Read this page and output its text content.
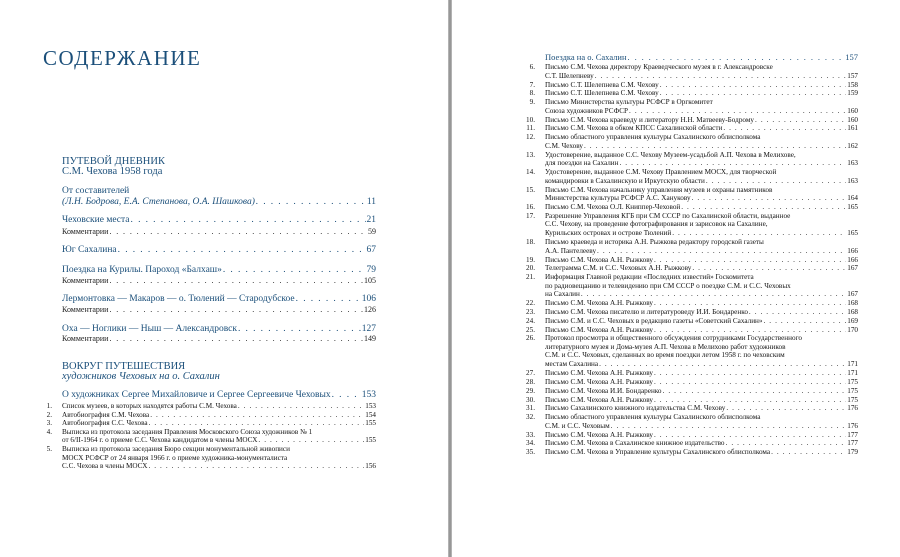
СОДЕРЖАНИЕ
ПУТЕВОЙ ДНЕВНИК
С.М. Чехова 1958 года
От составителей
(Л.Н. Бодрова, Е.А. Степанова, О.А. Шашкова) . . .	11
Чеховские места . . .	21
Комментарии . . .	59
Юг Сахалина . . .	67
Поездка на Курилы. Пароход «Балхаш» . . .	79
Комментарии . . .	105
Лермонтовка — Макаров — о. Тюлений — Стародубское . . .	106
Комментарии . . .	126
Оха — Ноглики — Ныш — Александровск . . .	127
Комментарии . . .	149
ВОКРУГ ПУТЕШЕСТВИЯ
художников Чеховых на о. Сахалин
О художниках Сергее Михайловиче и Сергее Сергеевиче Чеховых . . .	153
1. Список музеев, в которых находятся работы С.М. Чехова . . .	153
2. Автобиография С.М. Чехова . . .	154
3. Автобиография С.С. Чехова . . .	155
4. Выписка из протокола заседания Правления Московского Союза художников № 1
от 6/II-1964 г. о приеме С.С. Чехова кандидатом в члены МОСХ . . .	155
5. Выписка из протокола заседания Бюро секции монументальной живописи
МОСХ РСФСР от 24 января 1966 г. о приеме художника-монументалиста
С.С. Чехова в члены МОСХ . . .	156
Поездка на о. Сахалин . . .	157
6. Письмо С.М. Чехова директору Краеведческого музея в г. Александровске
С.Т. Шелепневу . . .	157
7. Письмо С.Т. Шелепнева С.М. Чехову . . .	158
8. Письмо С.Т. Шелепнева С.М. Чехову . . .	159
9. Письмо Министерства культуры РСФСР в Оргкомитет
Союза художников РСФСР . . .	160
10. Письмо С.М. Чехова краеведу и литератору Н.Н. Матвееву-Бодрому . . .	160
11. Письмо С.М. Чехова в обком КПСС Сахалинской области . . .	161
12. Письмо областного управления культуры Сахалинского облисполкома
С.М. Чехову . . .	162
13. Удостоверение, выданное С.С. Чехову Музеем-усадьбой А.П. Чехова в Мелихове,
для поездки на Сахалин . . .	163
14. Удостоверение, выданное С.М. Чехову Правлением МОСХ, для творческой
командировки в Сахалинскую и Иркутскую области . . .	163
15. Письмо С.М. Чехова начальнику управления музеев и охраны памятников
Министерства культуры РСФСР А.С. Ханукову . . .	164
16. Письмо С.М. Чехова О.Л. Книппер-Чеховой . . .	165
17. Разрешение Управления КГБ при СМ СССР по Сахалинской области, выданное
С.С. Чехову, на проведение фотографирования и зарисовок на Сахалине,
Курильских островах и острове Тюлений . . .	165
18. Письмо краеведа и историка А.Н. Рыжкова редактору городской газеты
А.А. Пантелееву . . .	166
19. Письмо С.М. Чехова А.Н. Рыжкову . . .	166
20. Телеграмма С.М. и С.С. Чеховых А.Н. Рыжкову . . .	167
21. Информация Главной редакции «Последних известий» Госкомитета
по радиовещанию и телевидению при СМ СССР о поездке С.М. и С.С. Чеховых
на Сахалин . . .	167
22. Письмо С.М. Чехова А.Н. Рыжкову . . .	168
23. Письмо С.М. Чехова писателю и литературоведу И.И. Бондаренко . . .	168
24. Письмо С.М. и С.С. Чеховых в редакцию газеты «Советский Сахалин» . . .	169
25. Письмо С.М. Чехова А.Н. Рыжкову . . .	170
26. Протокол просмотра и общественного обсуждения сотрудниками Государственного
литературного музея и Дома-музея А.П. Чехова в Мелихово работ художников
С.М. и С.С. Чеховых, сделанных во время поездки летом 1958 г. по чеховским
местам Сахалина . . .	171
27. Письмо С.М. Чехова А.Н. Рыжкову . . .	171
28. Письмо С.М. Чехова А.Н. Рыжкову . . .	175
29. Письмо С.М. Чехова И.И. Бондаренко . . .	175
30. Письмо С.М. Чехова А.Н. Рыжкову . . .	175
31. Письмо Сахалинского книжного издательства С.М. Чехову . . .	176
32. Письмо областного управления культуры Сахалинского облисполкома
С.М. и С.С. Чеховым . . .	176
33. Письмо С.М. Чехова А.Н. Рыжкову . . .	177
34. Письмо С.М. Чехова в Сахалинское книжное издательство . . .	177
35. Письмо С.М. Чехова в Управление культуры Сахалинского облисполкома . . .	179
